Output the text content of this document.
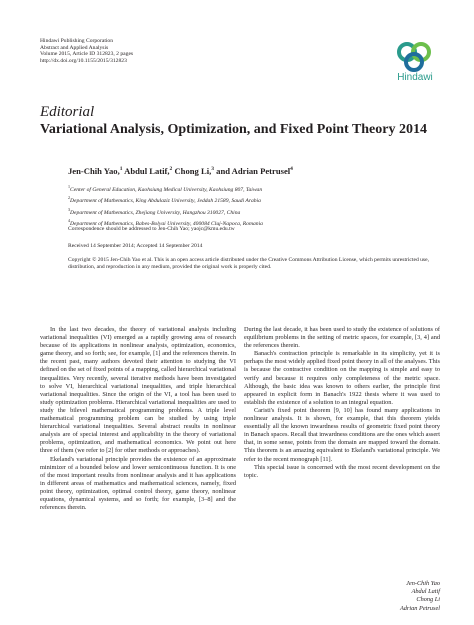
Hindawi Publishing Corporation
Abstract and Applied Analysis
Volume 2015, Article ID 312823, 2 pages
http://dx.doi.org/10.1155/2015/312823
Hindawi
Editorial
Variational Analysis, Optimization, and Fixed Point Theory 2014
Jen-Chih Yao,$^1$ Abdul Latif,$^2$ Chong Li,$^3$ and Adrian Petrusel$^4$
$^1$Center of General Education, Kaohsiung Medical University, Kaohsiung 807, Taiwan
$^2$Department of Mathematics, King Abdulaziz University, Jeddah 21589, Saudi Arabia
$^3$Department of Mathematics, Zhejiang University, Hangzhou 310027, China
$^4$Department of Mathematics, Babes-Bolyai University, 400084 Cluj-Napoca, Romania
Correspondence should be addressed to Jen-Chih Yao; yaojc@kmu.edu.tw
Received 14 September 2014; Accepted 14 September 2014
Copyright © 2015 Jen-Chih Yao et al. This is an open access article distributed under the Creative Commons Attribution License, which permits unrestricted use, distribution, and reproduction in any medium, provided the original work is properly cited.

In the last two decades, the theory of variational analysis including variational inequalities (VI) emerged as a rapidly growing area of research because of its applications in nonlinear analysis, optimization, economics, game theory, and so forth; see, for example, [1] and the references therein. In the recent past, many authors devoted their attention to studying the VI defined on the set of fixed points of a mapping, called hierarchical variational inequalities. Very recently, several iterative methods have been investigated to solve VI, hierarchical variational inequalities, and triple hierarchical variational inequalities. Since the origin of the VI, a tool has been used to study optimization problems. Hierarchical variational inequalities are used to study the bilevel mathematical programming problems. A triple level mathematical programming problem can be studied by using triple hierarchical variational inequalities. Several abstract results in nonlinear analysis are of special interest and applicability in the theory of variational problems, optimization, and mathematical economics. We point out here three of them (we refer to [2] for other methods or approaches).

Ekeland's variational principle provides the existence of an approximate minimizer of a bounded below and lower semicontinuous function. It is one of the most important results from nonlinear analysis and it has applications in different areas of mathematics and mathematical sciences, namely, fixed point theory, optimization, optimal control theory, game theory, nonlinear equations, dynamical systems, and so forth; for example, [3–8] and the references therein.

During the last decade, it has been used to study the existence of solutions of equilibrium problems in the setting of metric spaces, for example, [3, 4] and the references therein.

Banach's contraction principle is remarkable in its simplicity, yet it is perhaps the most widely applied fixed point theory in all of the analyses. This is because the contractive condition on the mapping is simple and easy to verify and because it requires only completeness of the metric space. Although, the basic idea was known to others earlier, the principle first appeared in explicit form in Banach's 1922 thesis where it was used to establish the existence of a solution to an integral equation.

Caristi's fixed point theorem [9, 10] has found many applications in nonlinear analysis. It is shown, for example, that this theorem yields essentially all the known inwardness results of geometric fixed point theory in Banach spaces. Recall that inwardness conditions are the ones which assert that, in some sense, points from the domain are mapped toward the domain. This theorem is an amazing equivalent to Ekeland's variational principle. We refer to the recent monograph [11].

This special issue is concerned with the most recent development on the topic.

Jen-Chih Yao
Abdul Latif
Chong Li
Adrian Petrusel
